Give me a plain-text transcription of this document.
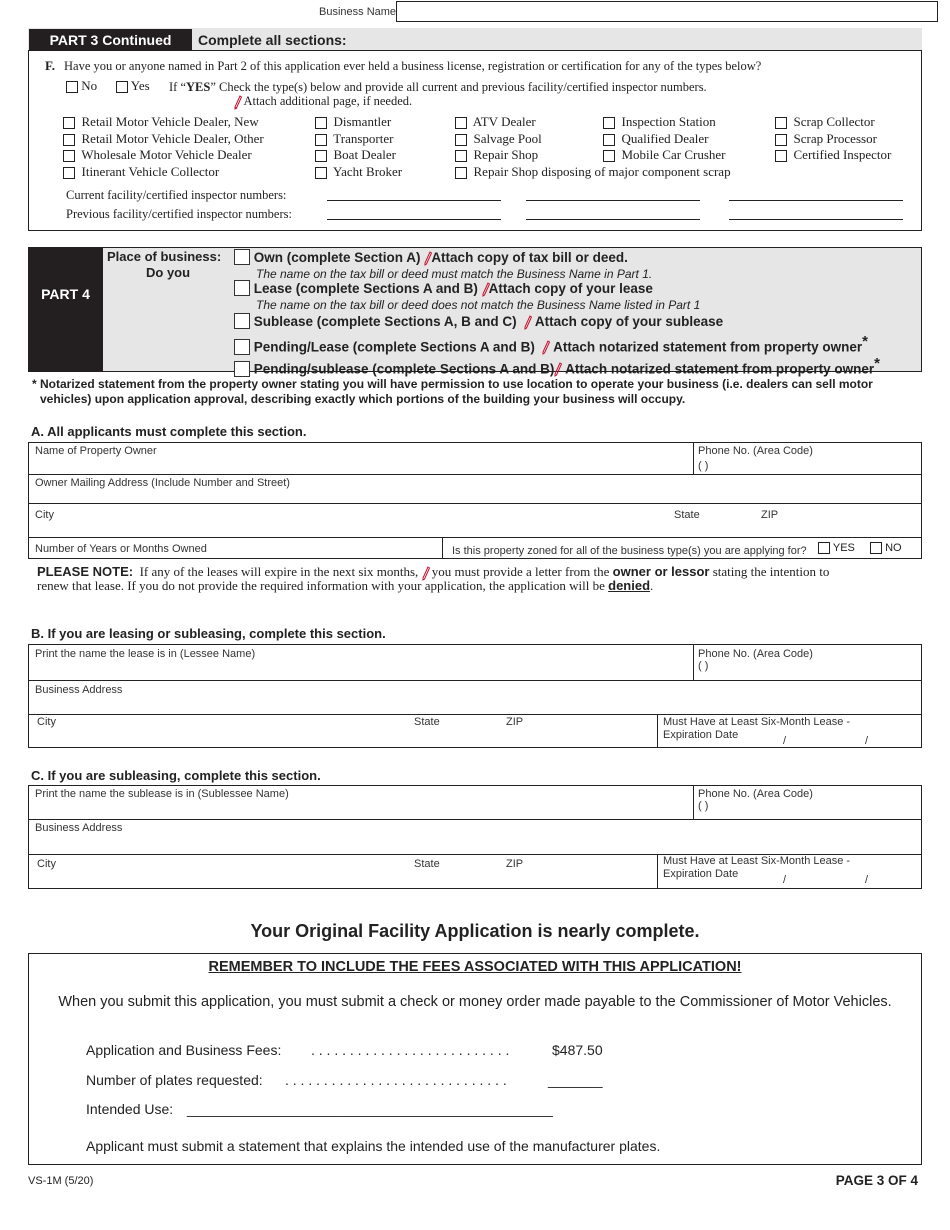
Business Name
PART 3 Continued	Complete all sections:
F. Have you or anyone named in Part 2 of this application ever held a business license, registration or certification for any of the types below?
No	Yes If “YES” Check the type(s) below and provide all current and previous facility/certified inspector numbers.
Attach additional page, if needed.
Retail Motor Vehicle Dealer, New
Retail Motor Vehicle Dealer, Other
Wholesale Motor Vehicle Dealer
Itinerant Vehicle Collector
Dismantler
Transporter
Boat Dealer
Yacht Broker
ATV Dealer
Salvage Pool
Repair Shop
Repair Shop disposing of major component scrap
Inspection Station
Qualified Dealer
Mobile Car Crusher
Scrap Collector
Scrap Processor
Certified Inspector
Current facility/certified inspector numbers:
Previous facility/certified inspector numbers:
PART 4
Place of business:
Do you
Own (complete Section A) Attach copy of tax bill or deed.
The name on the tax bill or deed must match the Business Name in Part 1.
Lease (complete Sections A and B) Attach copy of your lease
The name on the tax bill or deed does not match the Business Name listed in Part 1
Sublease (complete Sections A, B and C) Attach copy of your sublease
Pending/Lease (complete Sections A and B) Attach notarized statement from property owner*
Pending/sublease (complete Sections A and B) Attach notarized statement from property owner*
* Notarized statement from the property owner stating you will have permission to use location to operate your business (i.e. dealers can sell motor
vehicles) upon application approval, describing exactly which portions of the building your business will occupy.
A. All applicants must complete this section.
Name of Property Owner	Phone No. (Area Code)
( )
Owner Mailing Address (Include Number and Street)
City	State	ZIP
Number of Years or Months Owned	Is this property zoned for all of the business type(s) you are applying for?	YES	NO
PLEASE NOTE: If any of the leases will expire in the next six months, you must provide a letter from the owner or lessor stating the intention to
renew that lease. If you do not provide the required information with your application, the application will be denied.
B. If you are leasing or subleasing, complete this section.
Print the name the lease is in (Lessee Name)	Phone No. (Area Code)
( )
Business Address
City	State	ZIP	Must Have at Least Six-Month Lease -
Expiration Date	/	/
C. If you are subleasing, complete this section.
Print the name the sublease is in (Sublessee Name)	Phone No. (Area Code)
( )
Business Address
City	State	ZIP	Must Have at Least Six-Month Lease -
Expiration Date	/	/
Your Original Facility Application is nearly complete.
REMEMBER TO INCLUDE THE FEES ASSOCIATED WITH THIS APPLICATION!
When you submit this application, you must submit a check or money order made payable to the Commissioner of Motor Vehicles.
Application and Business Fees: . . . . . . . . . . . . . . . . . . . . . . . . . .	$487.50
Number of plates requested: . . . . . . . . . . . . . . . . . . . . . . . . . . . . .	_______
Intended Use: _______________________________________________
Applicant must submit a statement that explains the intended use of the manufacturer plates.
VS-1M (5/20)	PAGE 3 OF 4
